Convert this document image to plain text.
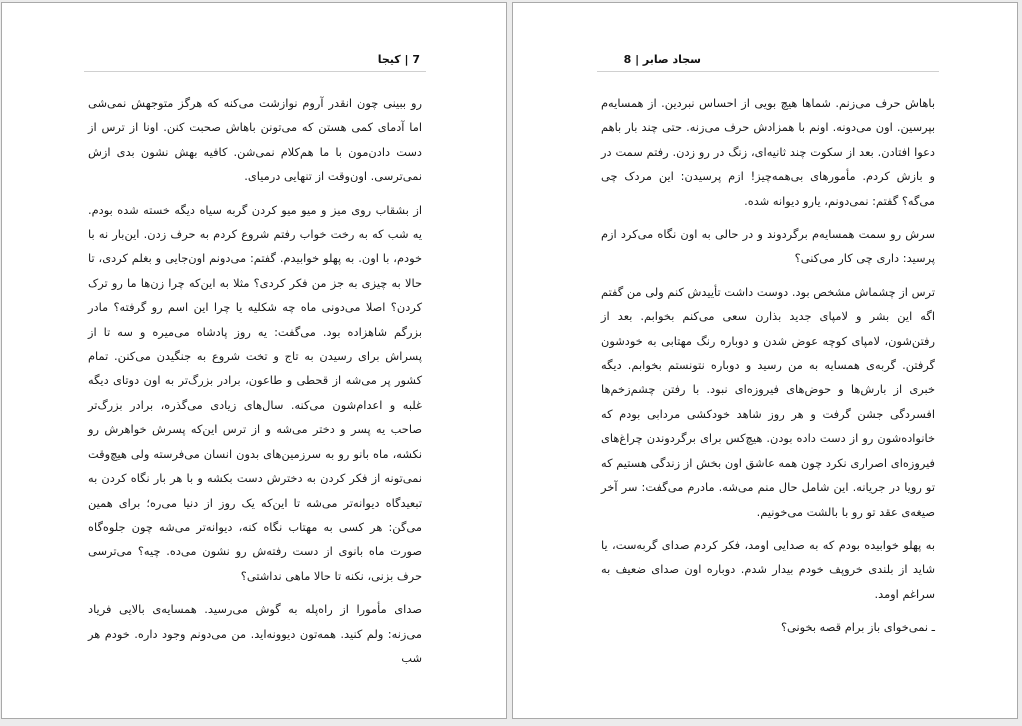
7 | کیجا

رو ببینی چون انقدر آروم نوازشت می‌کنه که هرگز متوجهش نمی‌شی اما آدمای کمی هستن که می‌تونن باهاش صحبت کنن. اونا از ترس از دست دادن‌مون با ما هم‌کلام نمی‌شن. کافیه بهش نشون بدی ازش نمی‌ترسی. اون‌وقت از تنهایی درمیای.

از بشقاب روی میز و میو میو کردن گربه سیاه دیگه خسته شده بودم. یه شب که به رخت خواب رفتم شروع کردم به حرف زدن. این‌بار نه با خودم، با اون. به پهلو خوابیدم. گفتم: می‌دونم اون‌جایی و بغلم کردی، تا حالا به چیزی به جز من فکر کردی؟ مثلا به این‌که چرا زن‌ها ما رو ترک کردن؟ اصلا می‌دونی ماه چه شکلیه یا چرا این اسم رو گرفته؟ مادر بزرگم شاهزاده بود. می‌گفت: یه روز پادشاه می‌میره و سه تا از پسراش برای رسیدن به تاج و تخت شروع به جنگیدن می‌کنن. تمام کشور پر می‌شه از قحطی و طاعون، برادر بزرگ‌تر به اون دوتای دیگه غلبه و اعدام‌شون می‌کنه. سال‌های زیادی می‌گذره، برادر بزرگ‌تر صاحب یه پسر و دختر می‌شه و از ترس این‌که پسرش خواهرش رو نکشه، ماه بانو رو به سرزمین‌های بدون انسان می‌فرسته ولی هیچ‌وقت نمی‌تونه از فکر کردن به دخترش دست بکشه و با هر بار نگاه کردن به تبعیدگاه دیوانه‌تر می‌شه تا این‌که یک روز از دنیا می‌ره؛ برای همین می‌گن: هر کسی به مهتاب نگاه کنه، دیوانه‌تر می‌شه چون جلوه‌گاه صورت ماه بانوی از دست رفته‌ش رو نشون می‌ده. چیه؟ می‌ترسی حرف بزنی، نکنه تا حالا ماهی نداشتی؟

صدای مأمورا از راه‌پله به گوش می‌رسید. همسایه‌ی بالایی فریاد می‌زنه: ولم کنید. همه‌تون دیوونه‌اید. من می‌دونم وجود داره. خودم هر شب

سجاد صابر | 8

باهاش حرف می‌زنم. شماها هیچ بویی از احساس نبردین. از همسایه‌م بپرسین. اون می‌دونه. اونم با همزادش حرف می‌زنه. حتی چند بار باهم دعوا افتادن. بعد از سکوت چند ثانیه‌ای، زنگ در رو زدن. رفتم سمت در و بازش کردم. مأمورهای بی‌همه‌چیز! ازم پرسیدن: این مردک چی می‌گه؟ گفتم: نمی‌دونم، یارو دیوانه شده.

سرش رو سمت همسایه‌م برگردوند و در حالی به اون نگاه می‌کرد ازم پرسید: داری چی کار می‌کنی؟

ترس از چشماش مشخص بود. دوست داشت تأییدش کنم ولی من گفتم اگه این بشر و لامپای جدید بذارن سعی می‌کنم بخوابم. بعد از رفتن‌شون، لامپای کوچه عوض شدن و دوباره رنگ مهتابی به خودشون گرفتن. گربه‌ی همسایه به من رسید و دوباره نتونستم بخوابم. دیگه خبری از بارش‌ها و حوض‌های فیروزه‌ای نبود. با رفتن چشم‌زخم‌ها افسردگی جشن گرفت و هر روز شاهد خودکشی مردابی بودم که خانواده‌شون رو از دست داده بودن. هیچ‌کس برای برگردوندن چراغ‌های فیروزه‌ای اصراری نکرد چون همه عاشق اون بخش از زندگی هستیم که تو رویا در جریانه. این شامل حال منم می‌شه. مادرم می‌گفت: سر آخر صیغه‌ی عقد تو رو با بالشت می‌خونیم.

به پهلو خوابیده بودم که به صدایی اومد، فکر کردم صدای گربه‌ست، یا شاید از بلندی خروپف خودم بیدار شدم. دوباره اون صدای ضعیف به سراغم اومد.

ـ نمی‌خوای باز برام قصه بخونی؟
